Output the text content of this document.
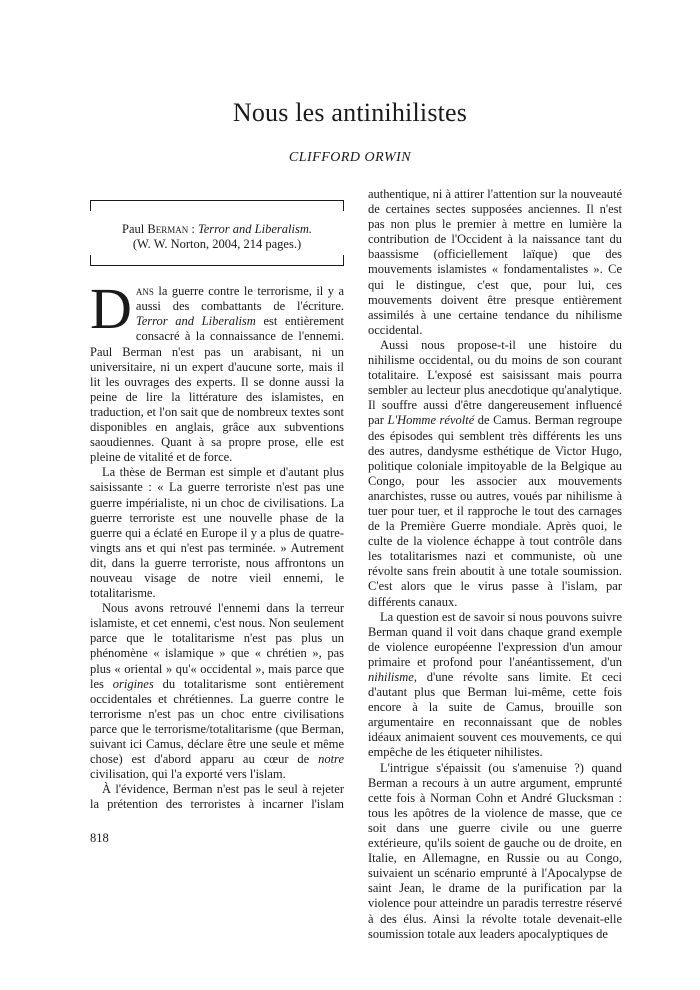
Nous les antinihilistes
CLIFFORD ORWIN
Paul Berman : Terror and Liberalism.
(W. W. Norton, 2004, 214 pages.)

Dans la guerre contre le terrorisme, il y a aussi des combattants de l'écriture. Terror and Liberalism est entièrement consacré à la connaissance de l'ennemi. Paul Berman n'est pas un arabisant, ni un universitaire, ni un expert d'aucune sorte, mais il lit les ouvrages des experts. Il se donne aussi la peine de lire la littérature des islamistes, en traduction, et l'on sait que de nombreux textes sont disponibles en anglais, grâce aux subventions saoudiennes. Quant à sa propre prose, elle est pleine de vitalité et de force.

La thèse de Berman est simple et d'autant plus saisissante : « La guerre terroriste n'est pas une guerre impérialiste, ni un choc de civilisations. La guerre terroriste est une nouvelle phase de la guerre qui a éclaté en Europe il y a plus de quatre-vingts ans et qui n'est pas terminée. » Autrement dit, dans la guerre terroriste, nous affrontons un nouveau visage de notre vieil ennemi, le totalitarisme.

Nous avons retrouvé l'ennemi dans la terreur islamiste, et cet ennemi, c'est nous. Non seulement parce que le totalitarisme n'est pas plus un phénomène « islamique » que « chrétien », pas plus « oriental » qu'« occidental », mais parce que les origines du totalitarisme sont entièrement occidentales et chrétiennes. La guerre contre le terrorisme n'est pas un choc entre civilisations parce que le terrorisme/totalitarisme (que Berman, suivant ici Camus, déclare être une seule et même chose) est d'abord apparu au cœur de notre civilisation, qui l'a exporté vers l'islam.

À l'évidence, Berman n'est pas le seul à rejeter la prétention des terroristes à incarner l'islam

authentique, ni à attirer l'attention sur la nouveauté de certaines sectes supposées anciennes. Il n'est pas non plus le premier à mettre en lumière la contribution de l'Occident à la naissance tant du baassisme (officiellement laïque) que des mouvements islamistes « fondamentalistes ». Ce qui le distingue, c'est que, pour lui, ces mouvements doivent être presque entièrement assimilés à une certaine tendance du nihilisme occidental.

Aussi nous propose-t-il une histoire du nihilisme occidental, ou du moins de son courant totalitaire. L'exposé est saisissant mais pourra sembler au lecteur plus anecdotique qu'analytique. Il souffre aussi d'être dangereusement influencé par L'Homme révolté de Camus. Berman regroupe des épisodes qui semblent très différents les uns des autres, dandysme esthétique de Victor Hugo, politique coloniale impitoyable de la Belgique au Congo, pour les associer aux mouvements anarchistes, russe ou autres, voués par nihilisme à tuer pour tuer, et il rapproche le tout des carnages de la Première Guerre mondiale. Après quoi, le culte de la violence échappe à tout contrôle dans les totalitarismes nazi et communiste, où une révolte sans frein aboutit à une totale soumission. C'est alors que le virus passe à l'islam, par différents canaux.

La question est de savoir si nous pouvons suivre Berman quand il voit dans chaque grand exemple de violence européenne l'expression d'un amour primaire et profond pour l'anéantissement, d'un nihilisme, d'une révolte sans limite. Et ceci d'autant plus que Berman lui-même, cette fois encore à la suite de Camus, brouille son argumentaire en reconnaissant que de nobles idéaux animaient souvent ces mouvements, ce qui empêche de les étiqueter nihilistes.

L'intrigue s'épaissit (ou s'amenuise ?) quand Berman a recours à un autre argument, emprunté cette fois à Norman Cohn et André Glucksman : tous les apôtres de la violence de masse, que ce soit dans une guerre civile ou une guerre extérieure, qu'ils soient de gauche ou de droite, en Italie, en Allemagne, en Russie ou au Congo, suivaient un scénario emprunté à l'Apocalypse de saint Jean, le drame de la purification par la violence pour atteindre un paradis terrestre réservé à des élus. Ainsi la révolte totale devenait-elle soumission totale aux leaders apocalyptiques de

818
